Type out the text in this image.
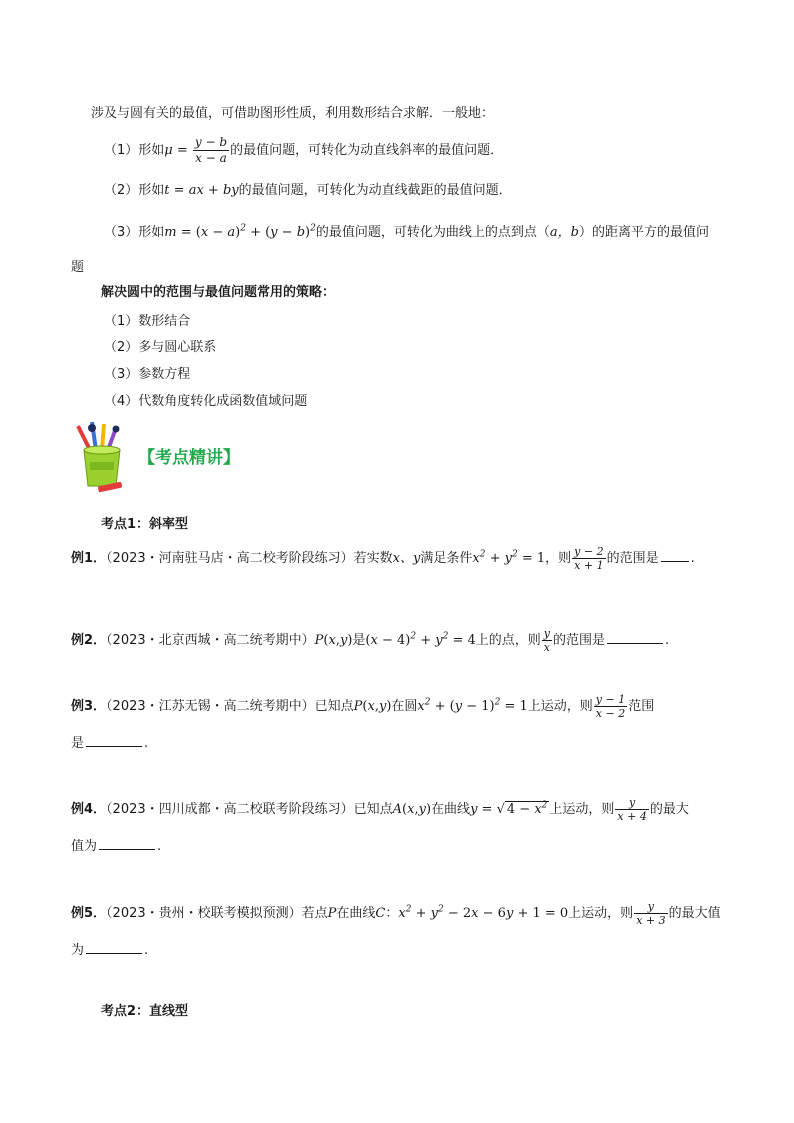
涉及与圆有关的最值，可借助图形性质，利用数形结合求解．一般地：
（1）形如$\mu = \frac{y - b}{x - a}$ 的最值问题，可转化为动直线斜率的最值问题．
（2）形如t = ax + by的最值问题，可转化为动直线截距的最值问题．
（3）形如$m = (x - a)^2 + (y - b)^2$的最值问题，可转化为曲线上的点到点（a，b）的距离平方的最值问
题
解决圆中的范围与最值问题常用的策略：
（1）数形结合
（2）多与圆心联系
（3）参数方程
（4）代数角度转化成函数值域问题
【考点精讲】
考点1：斜率型
例1．（2023・河南驻马店・高二校考阶段练习）若实数x、y满足条件$x^2 + y^2 = 1$，则 $\frac{y - 2}{x + 1}$ 的范围是 .
例2．（2023・北京西城・高二统考期中）P(x,y)是$(x - 4)^2 + y^2 = 4$上的点，则 $\frac{y}{x}$ 的范围是	.
例3．（2023・江苏无锡・高二统考期中）已知点P(x,y)在圆$x^2 + (y - 1)^2 = 1$上运动，则 $\frac{y - 1}{x - 2}$ 范围
是	.
例4．（2023・四川成都・高二校联考阶段练习）已知点A(x,y)在曲线y = √ $4 - x^2$ 上运动，则 $\frac{y}{x + 4}$ 的最大
值为	.
例5．（2023・贵州・校联考模拟预测）若点P在曲线C：$x^2 + y^2 - 2x - 6y + 1 = 0$上运动，则 $\frac{y}{x + 3}$ 的最大值
为	.
考点2：直线型
